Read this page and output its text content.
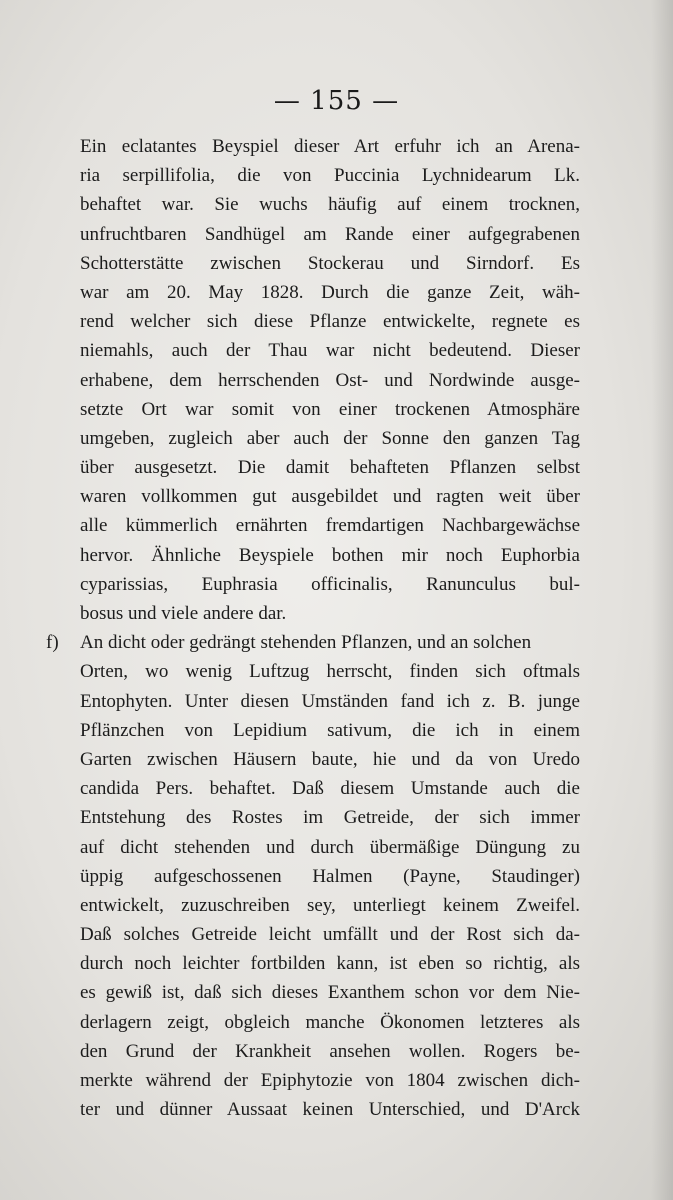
— 155 —
Ein eclatantes Beyspiel dieser Art erfuhr ich an Arena-
ria serpillifolia, die von Puccinia Lychnidearum Lk.
behaftet war. Sie wuchs häufig auf einem trocknen,
unfruchtbaren Sandhügel am Rande einer aufgegrabenen
Schotterstätte zwischen Stockerau und Sirndorf. Es
war am 20. May 1828. Durch die ganze Zeit, wäh-
rend welcher sich diese Pflanze entwickelte, regnete es
niemahls, auch der Thau war nicht bedeutend. Dieser
erhabene, dem herrschenden Ost- und Nordwinde ausge-
setzte Ort war somit von einer trockenen Atmosphäre
umgeben, zugleich aber auch der Sonne den ganzen Tag
über ausgesetzt. Die damit behafteten Pflanzen selbst
waren vollkommen gut ausgebildet und ragten weit über
alle kümmerlich ernährten fremdartigen Nachbargewächse
hervor. Ähnliche Beyspiele bothen mir noch Euphorbia
cyparissias, Euphrasia officinalis, Ranunculus bul-
bosus und viele andere dar.
f) An dicht oder gedrängt stehenden Pflanzen, und an solchen
Orten, wo wenig Luftzug herrscht, finden sich oftmals
Entophyten. Unter diesen Umständen fand ich z. B. junge
Pflänzchen von Lepidium sativum, die ich in einem
Garten zwischen Häusern baute, hie und da von Uredo
candida Pers. behaftet. Daß diesem Umstande auch die
Entstehung des Rostes im Getreide, der sich immer
auf dicht stehenden und durch übermäßige Düngung zu
üppig aufgeschossenen Halmen (Payne, Staudinger)
entwickelt, zuzuschreiben sey, unterliegt keinem Zweifel.
Daß solches Getreide leicht umfällt und der Rost sich da-
durch noch leichter fortbilden kann, ist eben so richtig, als
es gewiß ist, daß sich dieses Exanthem schon vor dem Nie-
derlagern zeigt, obgleich manche Ökonomen letzteres als
den Grund der Krankheit ansehen wollen. Rogers be-
merkte während der Epiphytozie von 1804 zwischen dich-
ter und dünner Aussaat keinen Unterschied, und D'Arck
